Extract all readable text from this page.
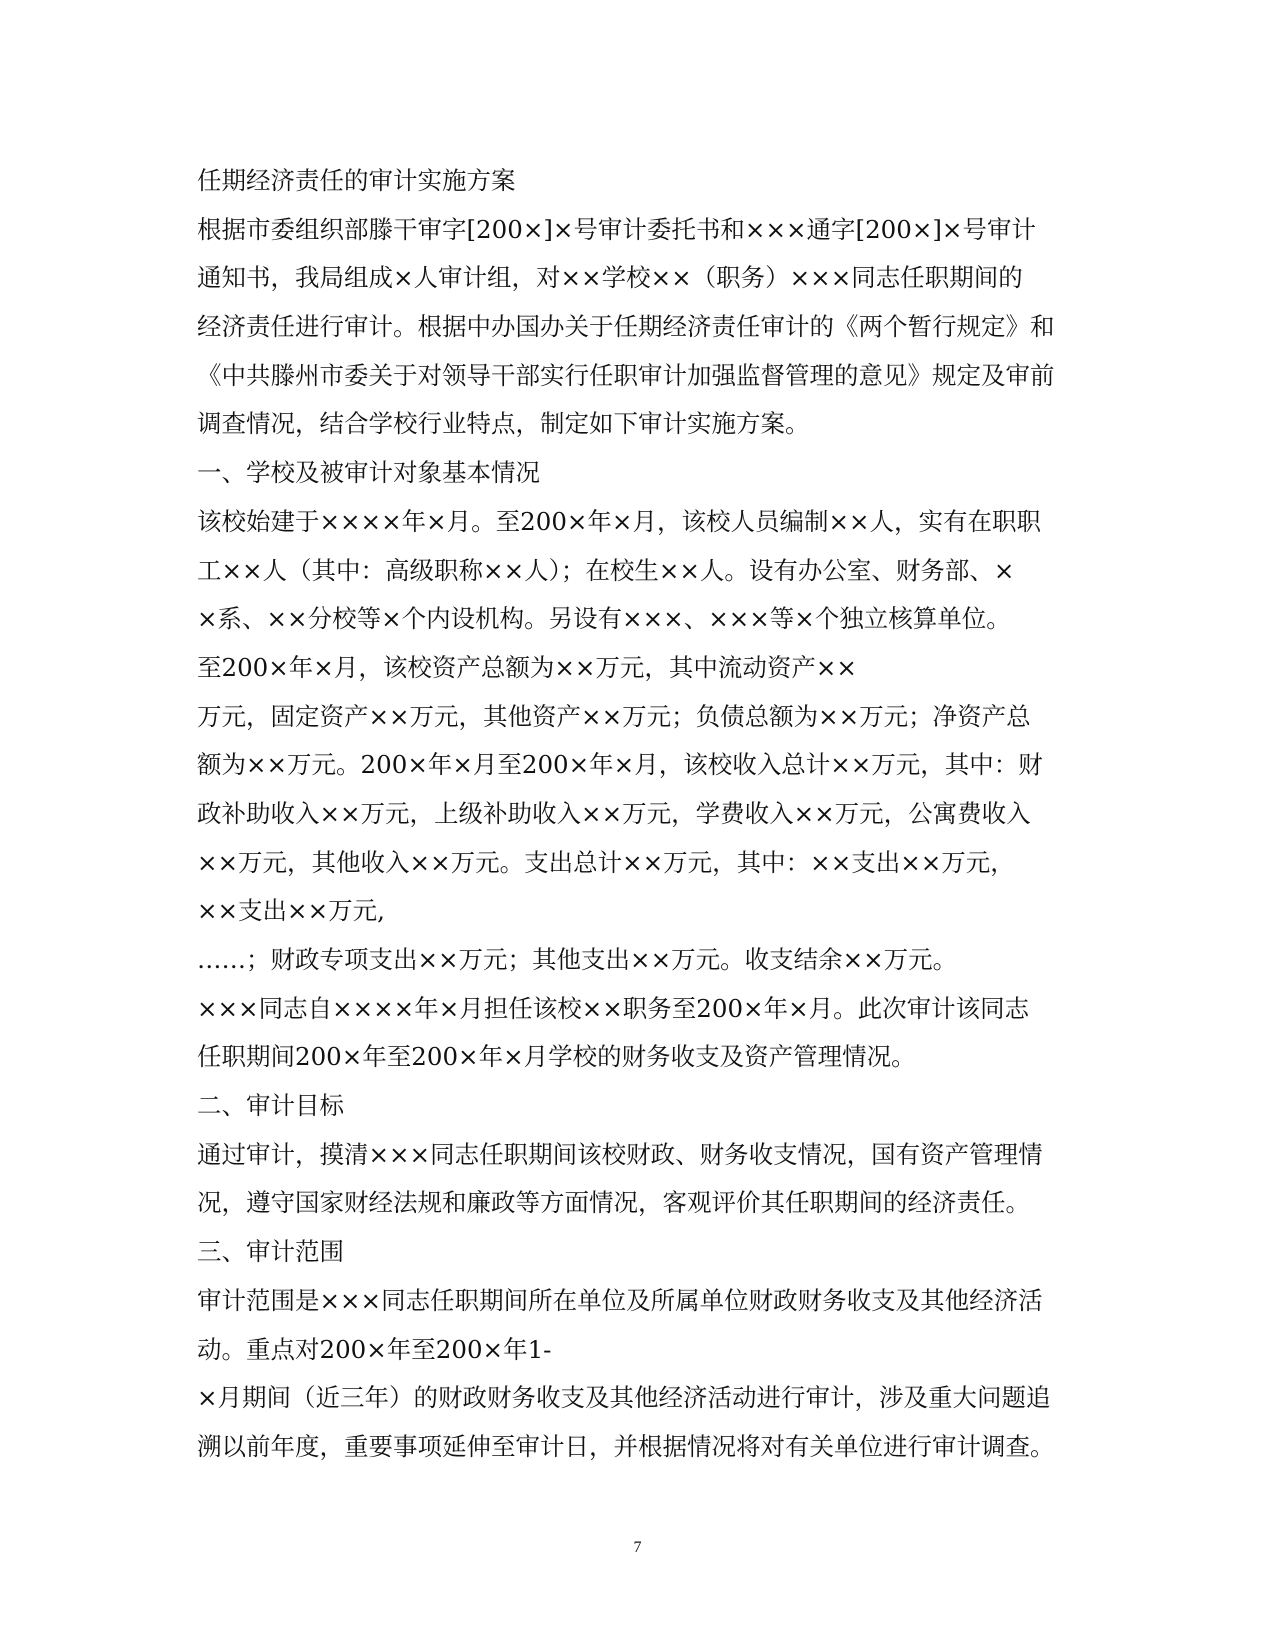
任期经济责任的审计实施方案
根据市委组织部滕干审字[200×]×号审计委托书和×××通字[200×]×号审计
通知书，我局组成×人审计组，对××学校××（职务）×××同志任职期间的
经济责任进行审计。根据中办国办关于任期经济责任审计的《两个暂行规定》和
《中共滕州市委关于对领导干部实行任职审计加强监督管理的意见》规定及审前
调查情况，结合学校行业特点，制定如下审计实施方案。
一、学校及被审计对象基本情况
该校始建于××××年×月。至200×年×月，该校人员编制××人，实有在职职
工××人（其中：高级职称××人）；在校生××人。设有办公室、财务部、×
×系、××分校等×个内设机构。另设有×××、×××等×个独立核算单位。
至200×年×月，该校资产总额为××万元，其中流动资产××
万元，固定资产××万元，其他资产××万元；负债总额为××万元；净资产总
额为××万元。200×年×月至200×年×月，该校收入总计××万元，其中：财
政补助收入××万元，上级补助收入××万元，学费收入××万元，公寓费收入
××万元，其他收入××万元。支出总计××万元，其中：××支出××万元，
××支出××万元,
……；财政专项支出××万元；其他支出××万元。收支结余××万元。
×××同志自××××年×月担任该校××职务至200×年×月。此次审计该同志
任职期间200×年至200×年×月学校的财务收支及资产管理情况。
二、审计目标
通过审计，摸清×××同志任职期间该校财政、财务收支情况，国有资产管理情
况，遵守国家财经法规和廉政等方面情况，客观评价其任职期间的经济责任。
三、审计范围
审计范围是×××同志任职期间所在单位及所属单位财政财务收支及其他经济活
动。重点对200×年至200×年1-
×月期间（近三年）的财政财务收支及其他经济活动进行审计，涉及重大问题追
溯以前年度，重要事项延伸至审计日，并根据情况将对有关单位进行审计调查。
7
